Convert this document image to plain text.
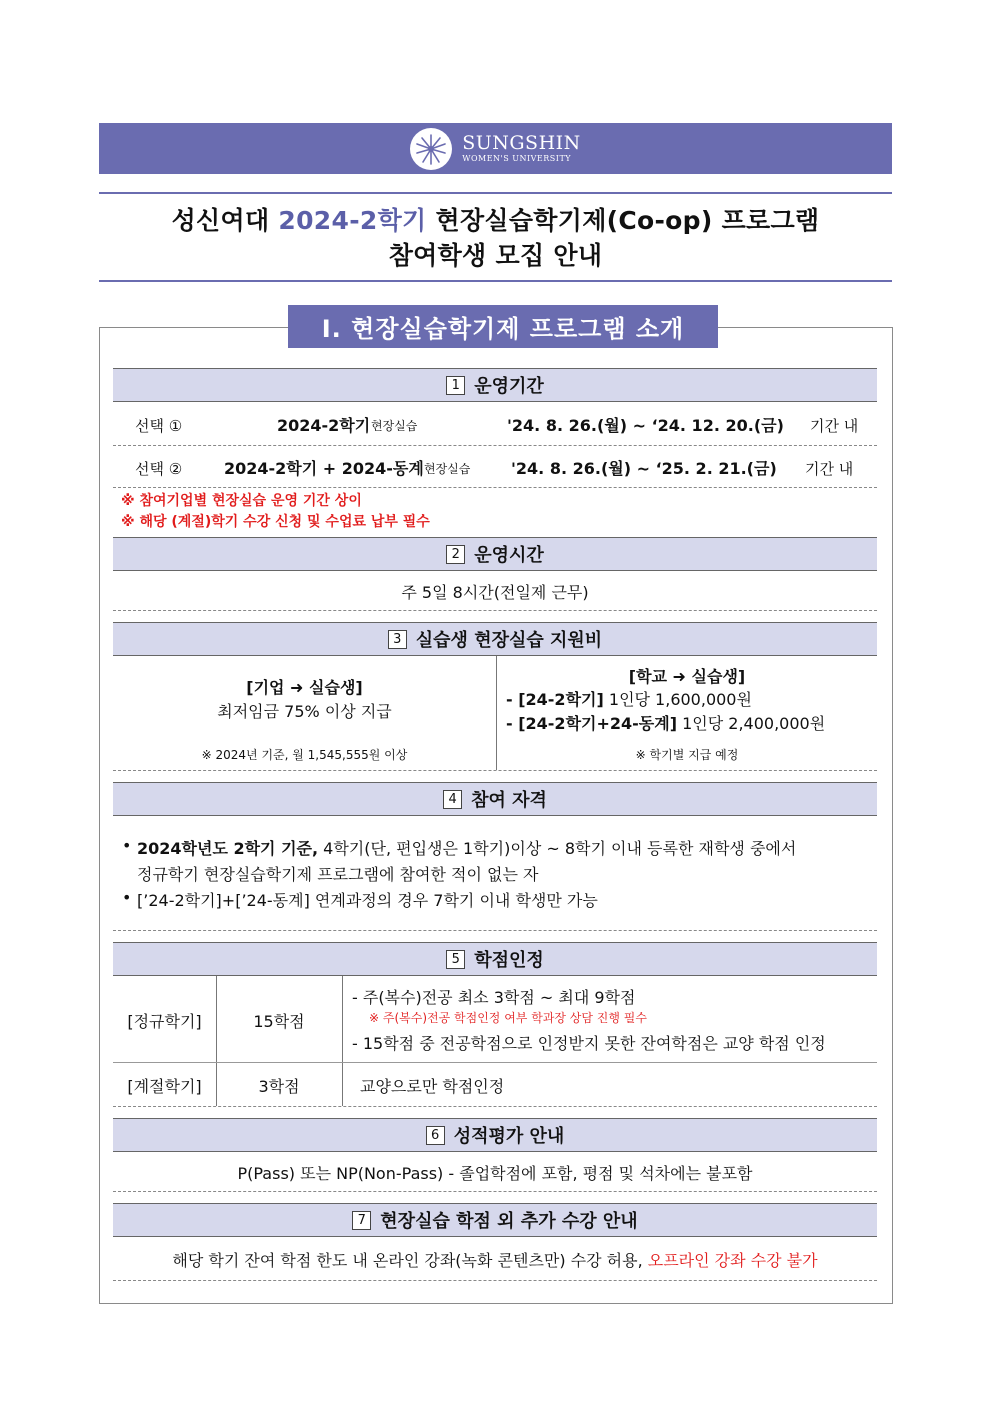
SUNGSHIN
WOMEN'S UNIVERSITY
성신여대 2024-2학기 현장실습학기제(Co-op) 프로그램
참여학생 모집 안내
Ⅰ. 현장실습학기제 프로그램 소개
1 운영기간
선택 ①	2024-2학기 현장실습	'24. 8. 26.(월) ~ ‘24. 12. 20.(금) 기간 내
선택 ②	2024-2학기 + 2024-동계 현장실습	'24. 8. 26.(월) ~ ‘25. 2. 21.(금) 기간 내
※ 참여기업별 현장실습 운영 기간 상이
※ 해당 (계절)학기 수강 신청 및 수업료 납부 필수
2 운영시간
주 5일 8시간(전일제 근무)
3 실습생 현장실습 지원비
[기업 ➜ 실습생]
최저임금 75% 이상 지급
※ 2024년 기준, 월 1,545,555원 이상
[학교 ➜ 실습생]
- [24-2학기] 1인당 1,600,000원
- [24-2학기+24-동계] 1인당 2,400,000원
※ 학기별 지급 예정
4 참여 자격
• 2024학년도 2학기 기준, 4학기(단, 편입생은 1학기)이상 ~ 8학기 이내 등록한 재학생 중에서
정규학기 현장실습학기제 프로그램에 참여한 적이 없는 자
• [’24-2학기]+[’24-동계] 연계과정의 경우 7학기 이내 학생만 가능
5 학점인정
[정규학기]	15학점
- 주(복수)전공 최소 3학점 ~ 최대 9학점
※ 주(복수)전공 학점인정 여부 학과장 상담 진행 필수
- 15학점 중 전공학점으로 인정받지 못한 잔여학점은 교양 학점 인정
[계절학기]	3학점	교양으로만 학점인정
6 성적평가 안내
P(Pass) 또는 NP(Non-Pass) - 졸업학점에 포함, 평점 및 석차에는 불포함
7 현장실습 학점 외 추가 수강 안내
해당 학기 잔여 학점 한도 내 온라인 강좌(녹화 콘텐츠만) 수강 허용, 오프라인 강좌 수강 불가
